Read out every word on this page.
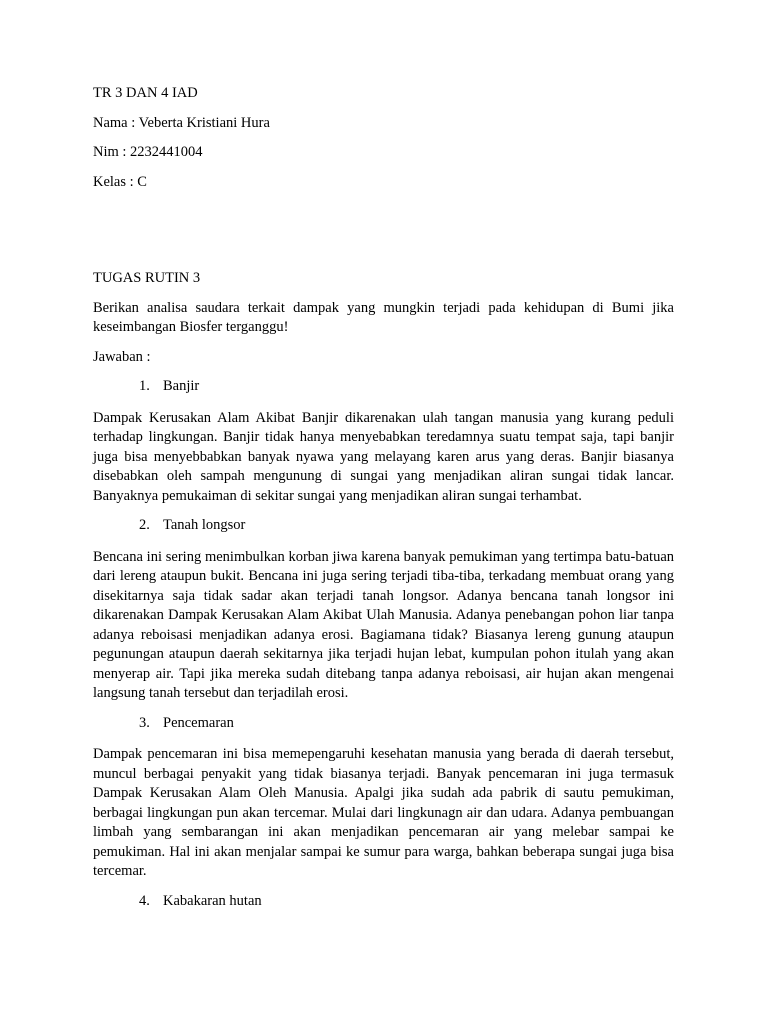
TR 3 DAN 4 IAD

Nama : Veberta Kristiani Hura

Nim : 2232441004

Kelas : C

TUGAS RUTIN 3

Berikan analisa saudara terkait dampak yang mungkin terjadi pada kehidupan di Bumi jika keseimbangan Biosfer terganggu!

Jawaban :

1. Banjir

Dampak Kerusakan Alam Akibat Banjir dikarenakan ulah tangan manusia yang kurang peduli terhadap lingkungan. Banjir tidak hanya menyebabkan teredamnya suatu tempat saja, tapi banjir juga bisa menyebbabkan banyak nyawa yang melayang karen arus yang deras. Banjir biasanya disebabkan oleh sampah mengunung di sungai yang menjadikan aliran sungai tidak lancar. Banyaknya pemukaiman di sekitar sungai yang menjadikan aliran sungai terhambat.

2. Tanah longsor

Bencana ini sering menimbulkan korban jiwa karena banyak pemukiman yang tertimpa batu-batuan dari lereng ataupun bukit. Bencana ini juga sering terjadi tiba-tiba, terkadang membuat orang yang disekitarnya saja tidak sadar akan terjadi tanah longsor. Adanya bencana tanah longsor ini dikarenakan Dampak Kerusakan Alam Akibat Ulah Manusia. Adanya penebangan pohon liar tanpa adanya reboisasi menjadikan adanya erosi. Bagiamana tidak? Biasanya lereng gunung ataupun pegunungan ataupun daerah sekitarnya jika terjadi hujan lebat, kumpulan pohon itulah yang akan menyerap air. Tapi jika mereka sudah ditebang tanpa adanya reboisasi, air hujan akan mengenai langsung tanah tersebut dan terjadilah erosi.

3. Pencemaran

Dampak pencemaran ini bisa memepengaruhi kesehatan manusia yang berada di daerah tersebut, muncul berbagai penyakit yang tidak biasanya terjadi. Banyak pencemaran ini juga termasuk Dampak Kerusakan Alam Oleh Manusia. Apalgi jika sudah ada pabrik di sautu pemukiman, berbagai lingkungan pun akan tercemar. Mulai dari lingkunagn air dan udara. Adanya pembuangan limbah yang sembarangan ini akan menjadikan pencemaran air yang melebar sampai ke pemukiman. Hal ini akan menjalar sampai ke sumur para warga, bahkan beberapa sungai juga bisa tercemar.

4. Kabakaran hutan
